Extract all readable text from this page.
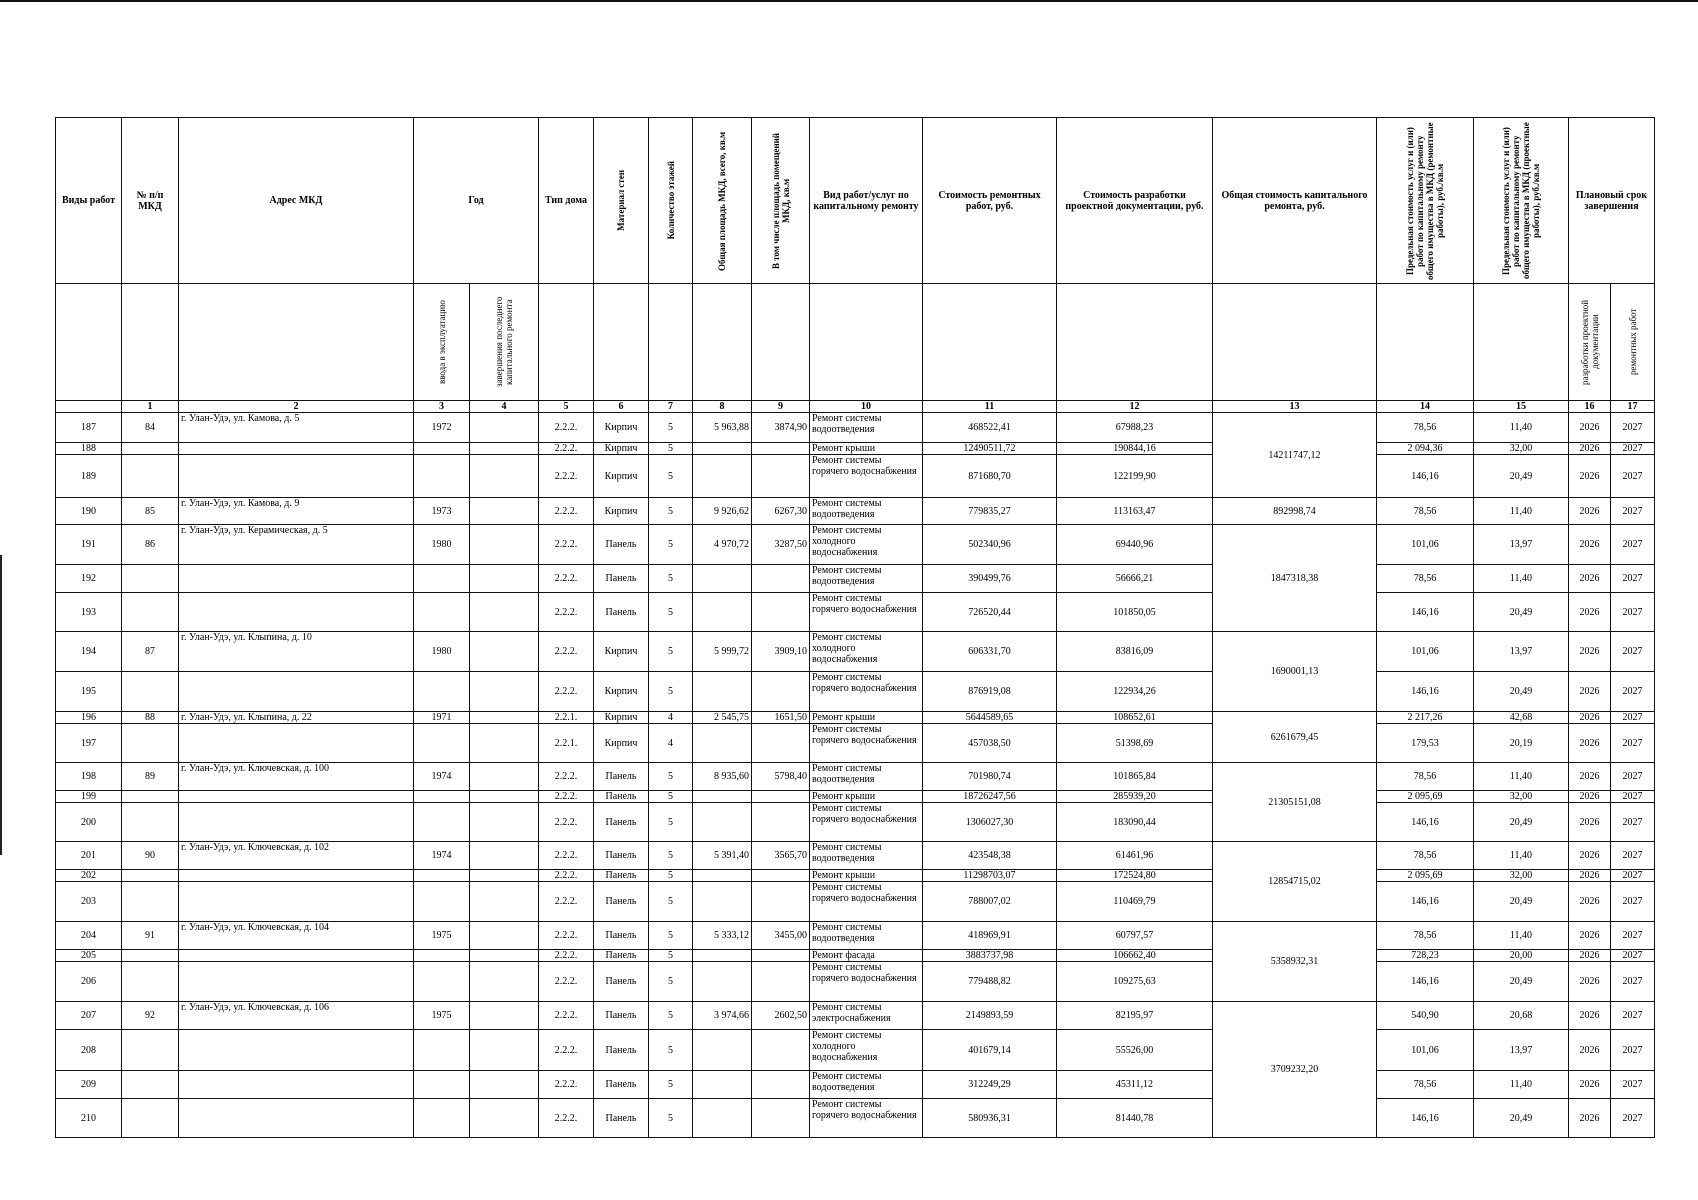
Виды работ	№ п/п МКД	Адрес МКД	Год		Тип дома	Материал стен	Количество этажей	Общая площадь МКД, всего, кв.м	В том числе площадь помещений МКД, кв.м	Вид работ/услуг по капитальному ремонту	Стоимость ремонтных работ, руб.	Стоимость разработки проектной документации, руб.	Общая стоимость капитального ремонта, руб.	Предельная стоимость услуг и (или) работ по капитальному ремонту общего имущества в МКД (ремонтные работы), руб./кв.м	Предельная стоимость услуг и (или) работ по капитальному ремонту общего имущества в МКД (проектные работы), руб./кв.м	Плановый срок завершения	

			ввода в эксплуатацию	завершения последнего капитального ремонта												разработки проектной документации	ремонтных работ

	1	2	3	4	5	6	7	8	9	10	11	12	13	14	15	16	17
187	84	г. Улан-Удэ, ул. Камова, д. 5	1972		2.2.2.	Кирпич	5	5 963,88	3874,90	Ремонт системы водоотведения	468522,41	67988,23	14211747,12	78,56	11,40	2026	2027
188					2.2.2.	Кирпич	5			Ремонт крыши	12490511,72	190844,16		2 094,36	32,00	2026	2027
189					2.2.2.	Кирпич	5			Ремонт системы горячего водоснабжения	871680,70	122199,90		146,16	20,49	2026	2027
190	85	г. Улан-Удэ, ул. Камова, д. 9	1973		2.2.2.	Кирпич	5	9 926,62	6267,30	Ремонт системы водоотведения	779835,27	113163,47	892998,74	78,56	11,40	2026	2027
191	86	г. Улан-Удэ, ул. Керамическая, д. 5	1980		2.2.2.	Панель	5	4 970,72	3287,50	Ремонт системы холодного водоснабжения	502340,96	69440,96	1847318,38	101,06	13,97	2026	2027
192					2.2.2.	Панель	5			Ремонт системы водоотведения	390499,76	56666,21		78,56	11,40	2026	2027
193					2.2.2.	Панель	5			Ремонт системы горячего водоснабжения	726520,44	101850,05		146,16	20,49	2026	2027
194	87	г. Улан-Удэ, ул. Клыпина, д. 10	1980		2.2.2.	Кирпич	5	5 999,72	3909,10	Ремонт системы холодного водоснабжения	606331,70	83816,09	1690001,13	101,06	13,97	2026	2027
195					2.2.2.	Кирпич	5			Ремонт системы горячего водоснабжения	876919,08	122934,26		146,16	20,49	2026	2027
196	88	г. Улан-Удэ, ул. Клыпина, д. 22	1971		2.2.1.	Кирпич	4	2 545,75	1651,50	Ремонт крыши	5644589,65	108652,61	6261679,45	2 217,26	42,68	2026	2027
197					2.2.1.	Кирпич	4			Ремонт системы горячего водоснабжения	457038,50	51398,69		179,53	20,19	2026	2027
198	89	г. Улан-Удэ, ул. Ключевская, д. 100	1974		2.2.2.	Панель	5	8 935,60	5798,40	Ремонт системы водоотведения	701980,74	101865,84	21305151,08	78,56	11,40	2026	2027
199					2.2.2.	Панель	5			Ремонт крыши	18726247,56	285939,20		2 095,69	32,00	2026	2027
200					2.2.2.	Панель	5			Ремонт системы горячего водоснабжения	1306027,30	183090,44		146,16	20,49	2026	2027
201	90	г. Улан-Удэ, ул. Ключевская, д. 102	1974		2.2.2.	Панель	5	5 391,40	3565,70	Ремонт системы водоотведения	423548,38	61461,96	12854715,02	78,56	11,40	2026	2027
202					2.2.2.	Панель	5			Ремонт крыши	11298703,07	172524,80		2 095,69	32,00	2026	2027
203					2.2.2.	Панель	5			Ремонт системы горячего водоснабжения	788007,02	110469,79		146,16	20,49	2026	2027
204	91	г. Улан-Удэ, ул. Ключевская, д. 104	1975		2.2.2.	Панель	5	5 333,12	3455,00	Ремонт системы водоотведения	418969,91	60797,57	5358932,31	78,56	11,40	2026	2027
205					2.2.2.	Панель	5			Ремонт фасада	3883737,98	106662,40		728,23	20,00	2026	2027
206					2.2.2.	Панель	5			Ремонт системы горячего водоснабжения	779488,82	109275,63		146,16	20,49	2026	2027
207	92	г. Улан-Удэ, ул. Ключевская, д. 106	1975		2.2.2.	Панель	5	3 974,66	2602,50	Ремонт системы электроснабжения	2149893,59	82195,97	3709232,20	540,90	20,68	2026	2027
208					2.2.2.	Панель	5			Ремонт системы холодного водоснабжения	401679,14	55526,00		101,06	13,97	2026	2027
209					2.2.2.	Панель	5			Ремонт системы водоотведения	312249,29	45311,12		78,56	11,40	2026	2027
210					2.2.2.	Панель	5			Ремонт системы горячего водоснабжения	580936,31	81440,78		146,16	20,49	2026	2027
